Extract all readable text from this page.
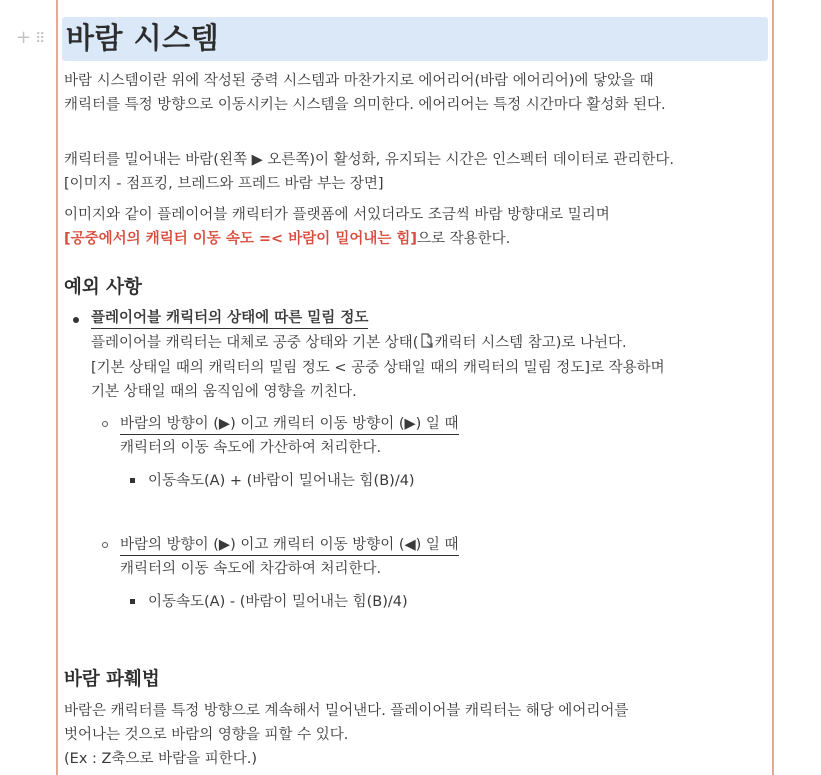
+ ⠿ 바람 시스템
바람 시스템이란 위에 작성된 중력 시스템과 마찬가지로 에어리어(바람 에어리어)에 닿았을 때
캐릭터를 특정 방향으로 이동시키는 시스템을 의미한다. 에어리어는 특정 시간마다 활성화 된다.
캐릭터를 밀어내는 바람(왼쪽 ▶ 오른쪽)이 활성화, 유지되는 시간은 인스펙터 데이터로 관리한다.
[이미지 - 점프킹, 브레드와 프레드 바람 부는 장면]
이미지와 같이 플레이어블 캐릭터가 플랫폼에 서있더라도 조금씩 바람 방향대로 밀리며
[공중에서의 캐릭터 이동 속도 =< 바람이 밀어내는 힘]으로 작용한다.
예외 사항
플레이어블 캐릭터의 상태에 따른 밀림 정도
플레이어블 캐릭터는 대체로 공중 상태와 기본 상태( 캐릭터 시스템 참고)로 나뉜다.
[기본 상태일 때의 캐릭터의 밀림 정도 < 공중 상태일 때의 캐릭터의 밀림 정도]로 작용하며
기본 상태일 때의 움직임에 영향을 끼친다.
바람의 방향이 (▶) 이고 캐릭터 이동 방향이 (▶) 일 때
캐릭터의 이동 속도에 가산하여 처리한다.
이동속도(A) + (바람이 밀어내는 힘(B)/4)
바람의 방향이 (▶) 이고 캐릭터 이동 방향이 (◀) 일 때
캐릭터의 이동 속도에 차감하여 처리한다.
이동속도(A) - (바람이 밀어내는 힘(B)/4)
바람 파훼법
바람은 캐릭터를 특정 방향으로 계속해서 밀어낸다. 플레이어블 캐릭터는 해당 에어리어를
벗어나는 것으로 바람의 영향을 피할 수 있다.
(Ex : Z축으로 바람을 피한다.)
